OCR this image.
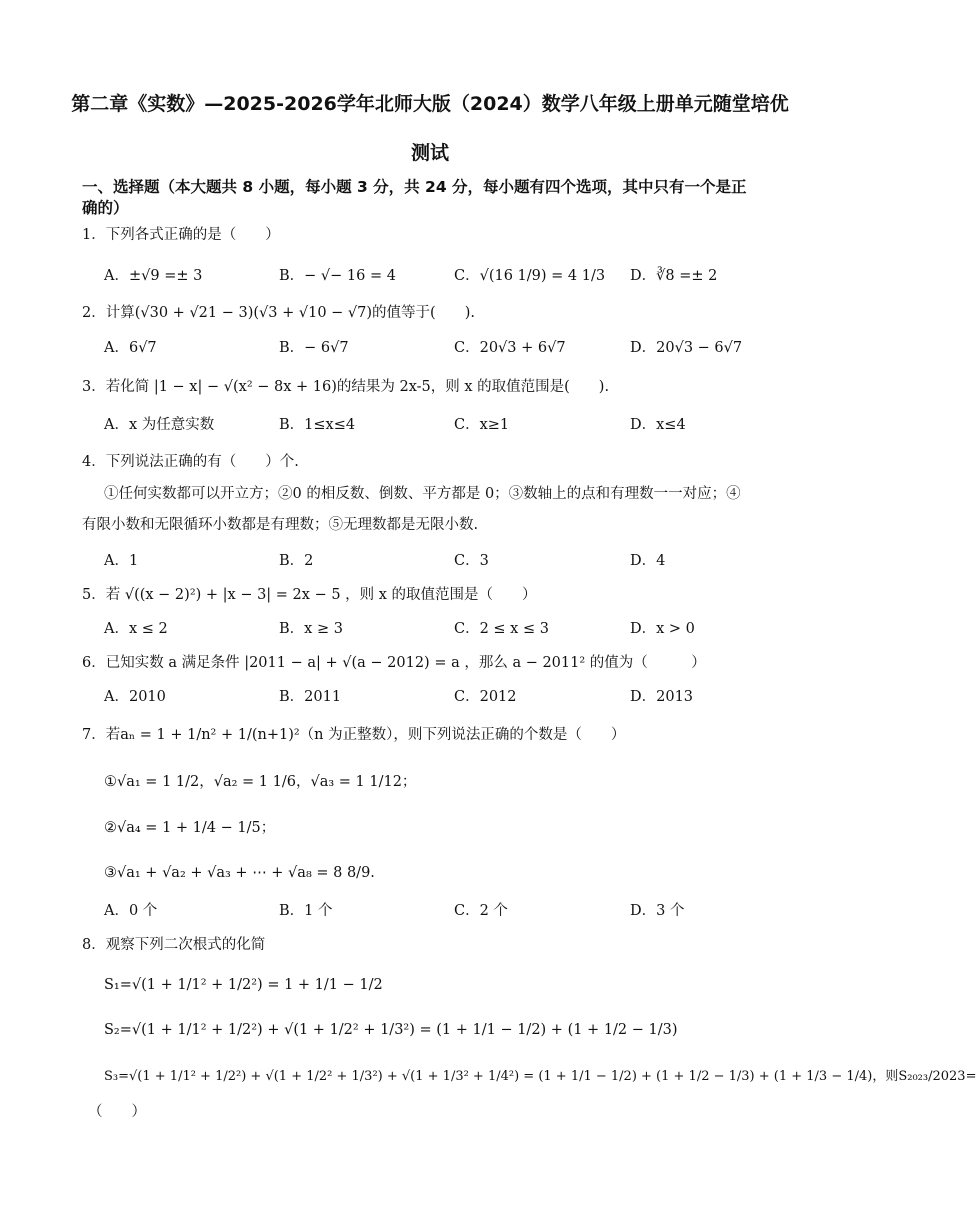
第二章《实数》—2025-2026学年北师大版（2024）数学八年级上册单元随堂培优
测试
一、选择题（本大题共 8 小题，每小题 3 分，共 24 分，每小题有四个选项，其中只有一个是正
确的）
1．下列各式正确的是（　　）
A．±√9 =± 3	B．− √− 16 = 4	C．√(16 1/9) = 4 1/3 D．∛8 =± 2
2．计算(√30 + √21 − 3)(√3 + √10 − √7)的值等于(　　).
A．6√7	B．− 6√7	C．20√3 + 6√7	D．20√3 − 6√7
3．若化简 |1 − x| − √(x² − 8x + 16)的结果为 2x-5，则 x 的取值范围是(　　).
A．x 为任意实数	B．1≤x≤4	C．x≥1	D．x≤4
4．下列说法正确的有（　　）个.
①任何实数都可以开立方；②0 的相反数、倒数、平方都是 0；③数轴上的点和有理数一一对应；④
有限小数和无限循环小数都是有理数；⑤无理数都是无限小数.
A．1	B．2	C．3	D．4
5．若 √((x − 2)²) + |x − 3| = 2x − 5 ，则 x 的取值范围是（　　）
A．x ≤ 2	B．x ≥ 3	C．2 ≤ x ≤ 3	D．x > 0
6．已知实数 a 满足条件 |2011 − a| + √(a − 2012) = a ，那么 a − 2011² 的值为（　　　）
A．2010	B．2011	C．2012	D．2013
7．若aₙ = 1 + 1/n² + 1/(n+1)²（n 为正整数），则下列说法正确的个数是（　　）
①√a₁ = 1 1/2，√a₂ = 1 1/6，√a₃ = 1 1/12；
②√a₄ = 1 + 1/4 − 1/5；
③√a₁ + √a₂ + √a₃ + ⋯ + √a₈ = 8 8/9.
A．0 个	B．1 个	C．2 个	D．3 个
8．观察下列二次根式的化简
S₁=√(1 + 1/1² + 1/2²) = 1 + 1/1 − 1/2
S₂=√(1 + 1/1² + 1/2²) + √(1 + 1/2² + 1/3²) = (1 + 1/1 − 1/2) + (1 + 1/2 − 1/3)
S₃=√(1 + 1/1² + 1/2²) + √(1 + 1/2² + 1/3²) + √(1 + 1/3² + 1/4²) = (1 + 1/1 − 1/2) + (1 + 1/2 − 1/3) + (1 + 1/3 − 1/4)，则S₂₀₂₃/2023=
（　　）
